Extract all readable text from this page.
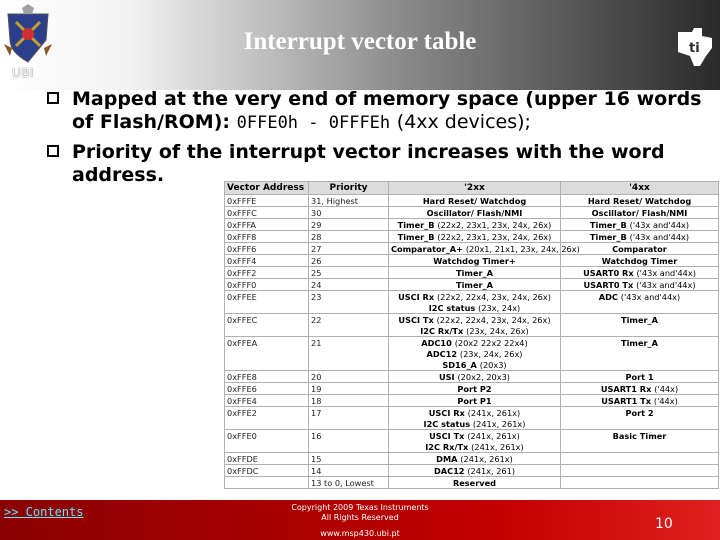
UBI
Interrupt vector table	ti
Mapped at the very end of memory space (upper 16 words of Flash/ROM): 0FFE0h - 0FFFEh (4xx devices);
Priority of the interrupt vector increases with the word address.
Vector Address	Priority	'2xx	'4xx
0xFFFE	31, Highest	Hard Reset/ Watchdog	Hard Reset/ Watchdog
0xFFFC	30	Oscillator/ Flash/NMI	Oscillator/ Flash/NMI
0xFFFA	29	Timer_B (22x2, 23x1, 23x, 24x, 26x)	Timer_B ('43x and'44x)
0xFFF8	28	Timer_B (22x2, 23x1, 23x, 24x, 26x)	Timer_B ('43x and'44x)
0xFFF6	27	Comparator_A+ (20x1, 21x1, 23x, 24x, 26x)	Comparator
0xFFF4	26	Watchdog Timer+	Watchdog Timer
0xFFF2	25	Timer_A	USART0 Rx ('43x and'44x)
0xFFF0	24	Timer_A	USART0 Tx ('43x and'44x)
0xFFEE	23	USCI Rx (22x2, 22x4, 23x, 24x, 26x)	ADC ('43x and'44x)
		I2C status (23x, 24x)	
0xFFEC	22	USCI Tx (22x2, 22x4, 23x, 24x, 26x)	Timer_A
		I2C Rx/Tx (23x, 24x, 26x)	
0xFFEA	21	ADC10 (20x2 22x2 22x4)	Timer_A
		ADC12 (23x, 24x, 26x)	
		SD16_A (20x3)	
0xFFE8	20	USI (20x2, 20x3)	Port 1
0xFFE6	19	Port P2	USART1 Rx ('44x)
0xFFE4	18	Port P1	USART1 Tx ('44x)
0xFFE2	17	USCI Rx (241x, 261x)	Port 2
		I2C status (241x, 261x)	
0xFFE0	16	USCI Tx (241x, 261x)	Basic Timer
		I2C Rx/Tx (241x, 261x)	
0xFFDE	15	DMA (241x, 261x)	
0xFFDC	14	DAC12 (241x, 261)	
	13 to 0, Lowest	Reserved	
>> Contents	Copyright 2009 Texas Instruments
All Rights Reserved
www.msp430.ubi.pt
10
